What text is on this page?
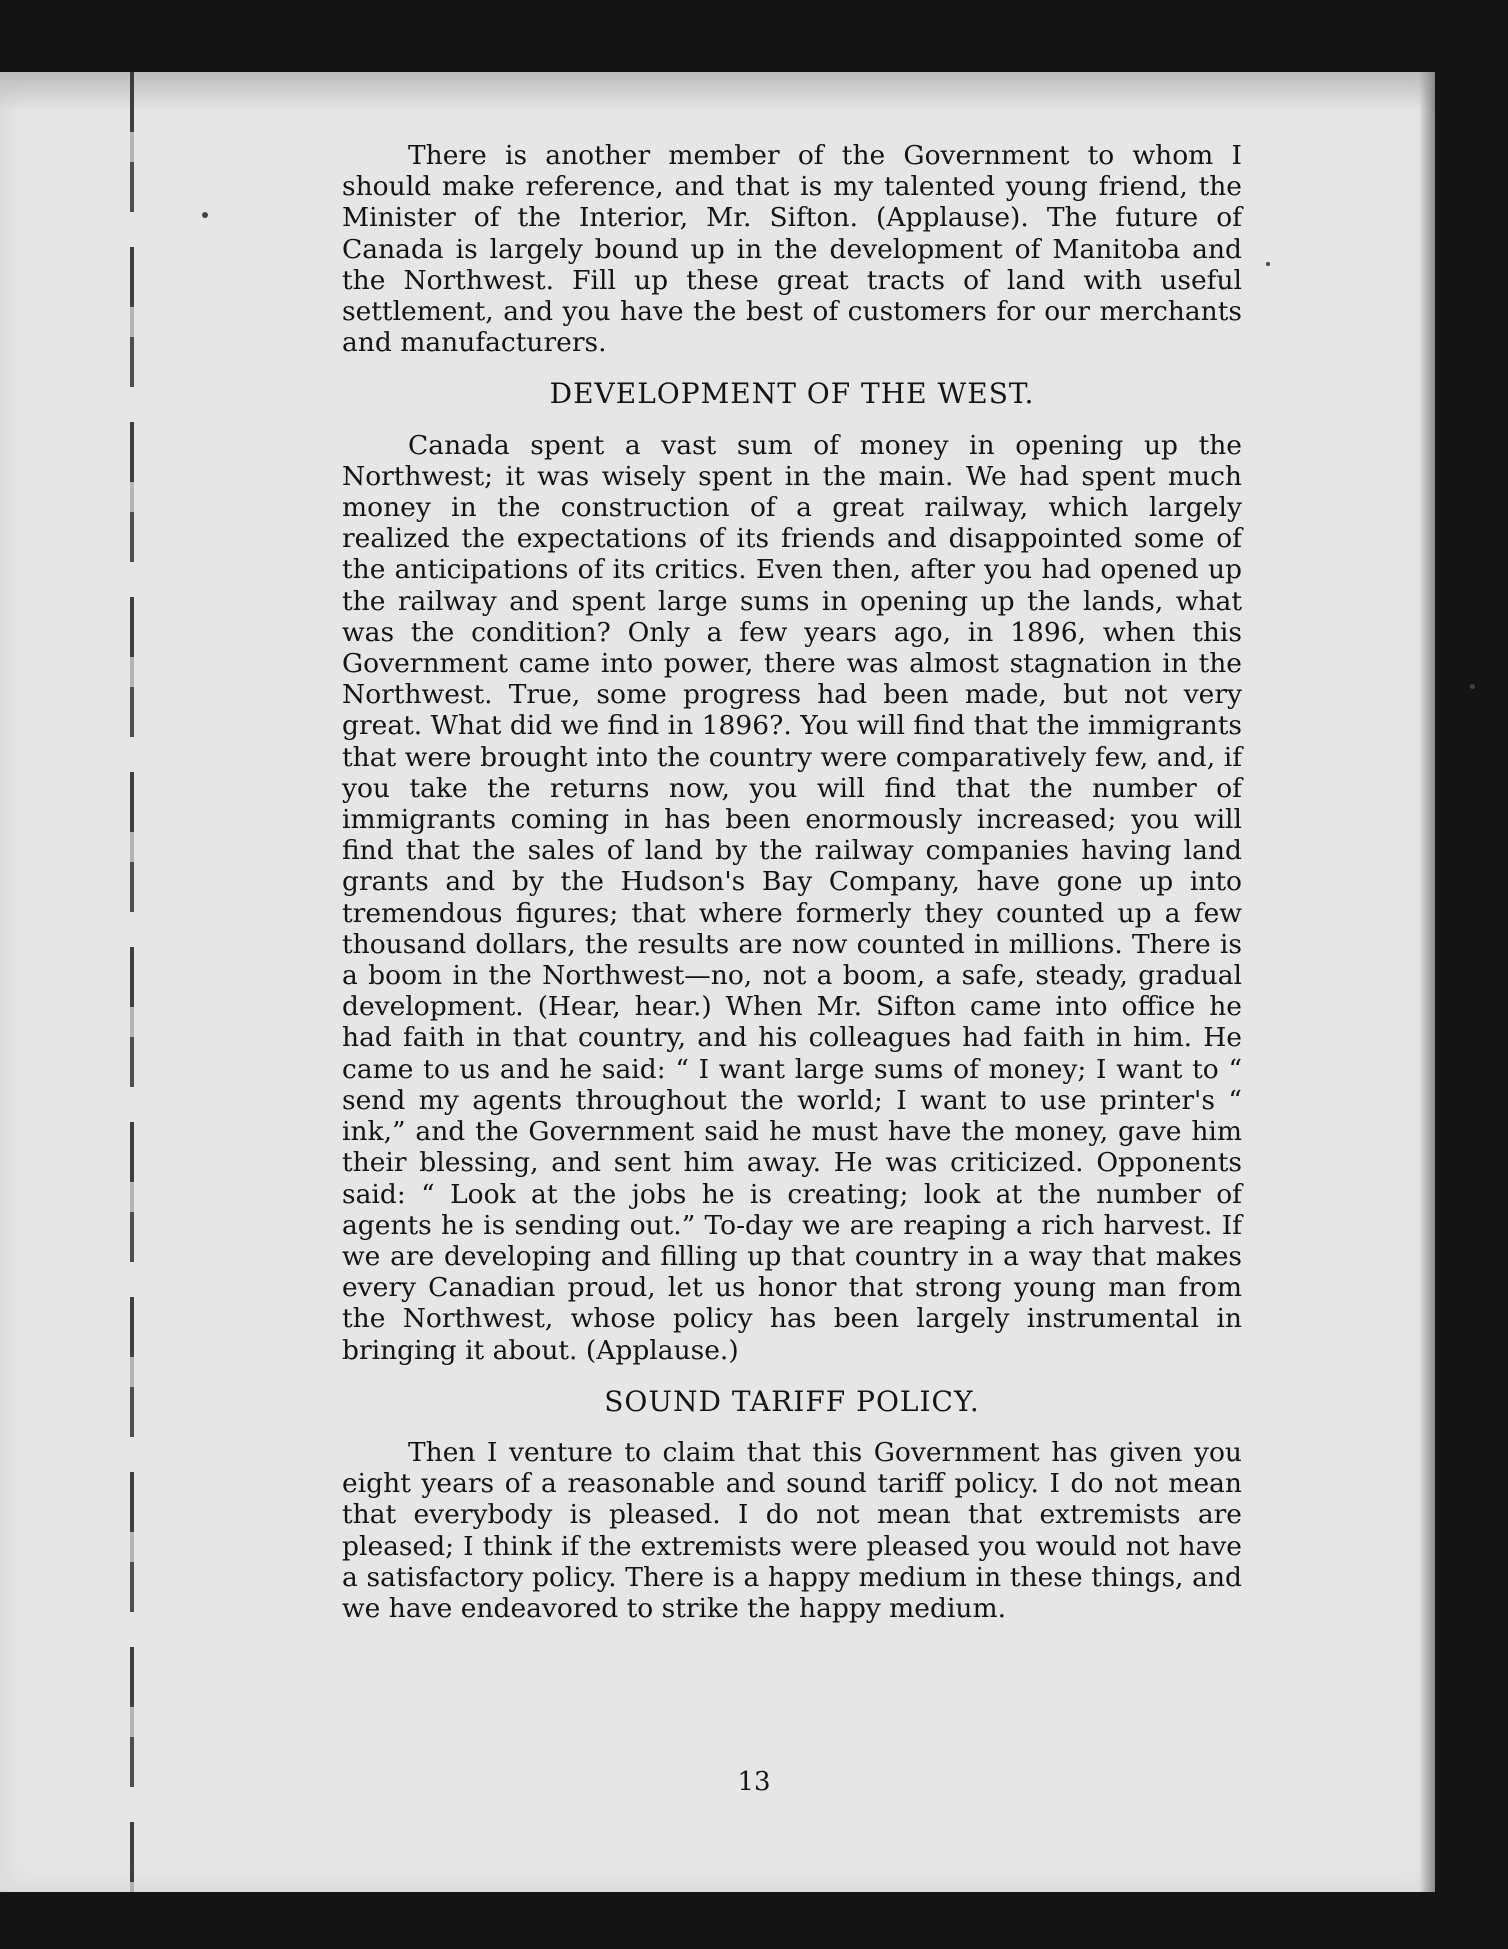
There is another member of the Government to whom I should make reference, and that is my talented young friend, the Minister of the Interior, Mr. Sifton. (Applause). The future of Canada is largely bound up in the development of Manitoba and the Northwest. Fill up these great tracts of land with useful settlement, and you have the best of customers for our merchants and manufacturers.

DEVELOPMENT OF THE WEST.

Canada spent a vast sum of money in opening up the Northwest; it was wisely spent in the main. We had spent much money in the construction of a great railway, which largely realized the expectations of its friends and disappointed some of the anticipations of its critics. Even then, after you had opened up the railway and spent large sums in opening up the lands, what was the condition? Only a few years ago, in 1896, when this Government came into power, there was almost stagnation in the Northwest. True, some progress had been made, but not very great. What did we find in 1896?. You will find that the immigrants that were brought into the country were comparatively few, and, if you take the returns now, you will find that the number of immigrants coming in has been enormously increased; you will find that the sales of land by the railway companies having land grants and by the Hudson's Bay Company, have gone up into tremendous figures; that where formerly they counted up a few thousand dollars, the results are now counted in millions. There is a boom in the Northwest—no, not a boom, a safe, steady, gradual development. (Hear, hear.) When Mr. Sifton came into office he had faith in that country, and his colleagues had faith in him. He came to us and he said: “ I want large sums of money; I want to “ send my agents throughout the world; I want to use printer's “ ink,” and the Government said he must have the money, gave him their blessing, and sent him away. He was criticized. Opponents said: “ Look at the jobs he is creating; look at the number of agents he is sending out.” To-day we are reaping a rich harvest. If we are developing and filling up that country in a way that makes every Canadian proud, let us honor that strong young man from the Northwest, whose policy has been largely instrumental in bringing it about. (Applause.)

SOUND TARIFF POLICY.

Then I venture to claim that this Government has given you eight years of a reasonable and sound tariff policy. I do not mean that everybody is pleased. I do not mean that extremists are pleased; I think if the extremists were pleased you would not have a satisfactory policy. There is a happy medium in these things, and we have endeavored to strike the happy medium.

13
